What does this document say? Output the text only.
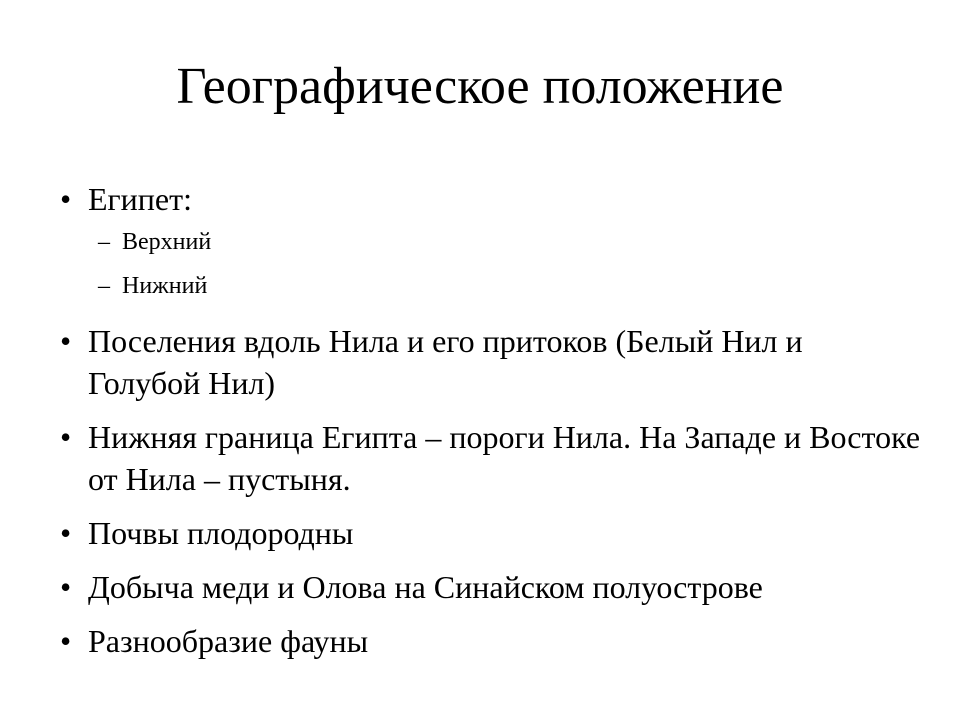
Географическое положение
• Египет:
– Верхний
– Нижний
• Поселения вдоль Нила и его притоков (Белый Нил и Голубой Нил)
• Нижняя граница Египта – пороги Нила. На Западе и Востоке от Нила – пустыня.
• Почвы плодородны
• Добыча меди и Олова на Синайском полуострове
• Разнообразие фауны
